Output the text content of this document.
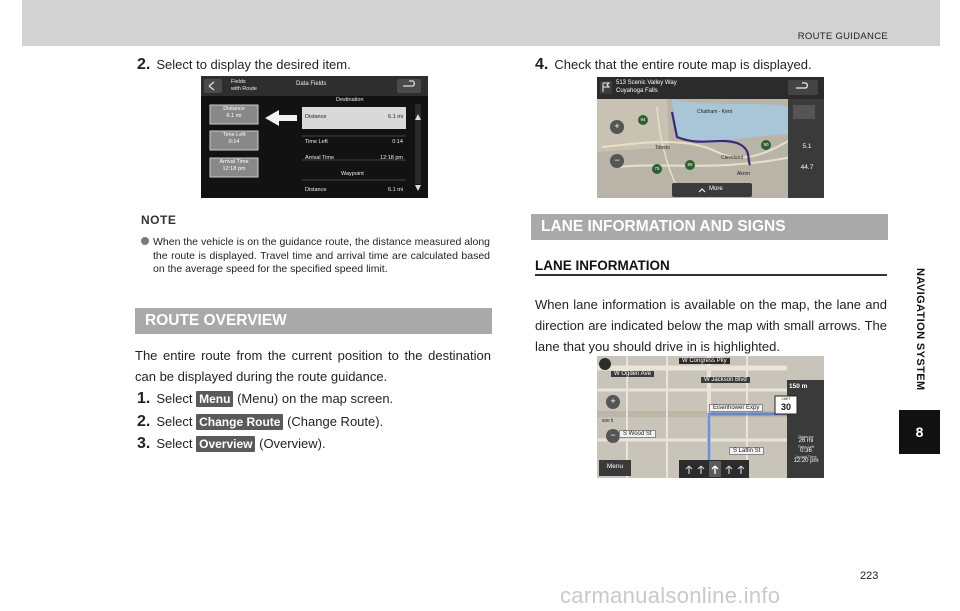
ROUTE GUIDANCE
NAVIGATION SYSTEM
8
223
carmanualsonline.info
2. Select to display the desired item.
Fields
with Route
Data Fields
Distance
6.1 mi
Time Left
0:14
Arrival Time
12:18 pm
Destination
Distance	6.1 mi
Time Left	0:14
Arrival Time	12:18 pm
Waypoint
Distance	6.1 mi
NOTE
When the vehicle is on the guidance route, the distance measured along the route is displayed. Travel time and arrival time are calculated based on the average speed for the specified speed limit.
ROUTE OVERVIEW
The entire route from the current position to the destination can be displayed during the route guidance.
1. Select Menu (Menu) on the map screen.
2. Select Change Route (Change Route).
3. Select Overview (Overview).
4. Check that the entire route map is displayed.
513 Scenic Valley Way
Cuyahoga Falls
Chatham - Kent
Toledo
Cleveland
Akron
94
90
80
75
+
−
5.1
44.7
More
LANE INFORMATION AND SIGNS
LANE INFORMATION
When lane information is available on the map, the lane and direction are indicated below the map with small arrows. The lane that you should drive in is highlighted.
W Congress Pky
W Ogden Ave
W Jackson Blvd
Eisenhower Expy
S Wood St
S Laflin St
150 m
LIMIT
30
+
−
500 ft
Menu
Distance
26 mi
Time Left
0:36
Arrival Time
12:20 pm
